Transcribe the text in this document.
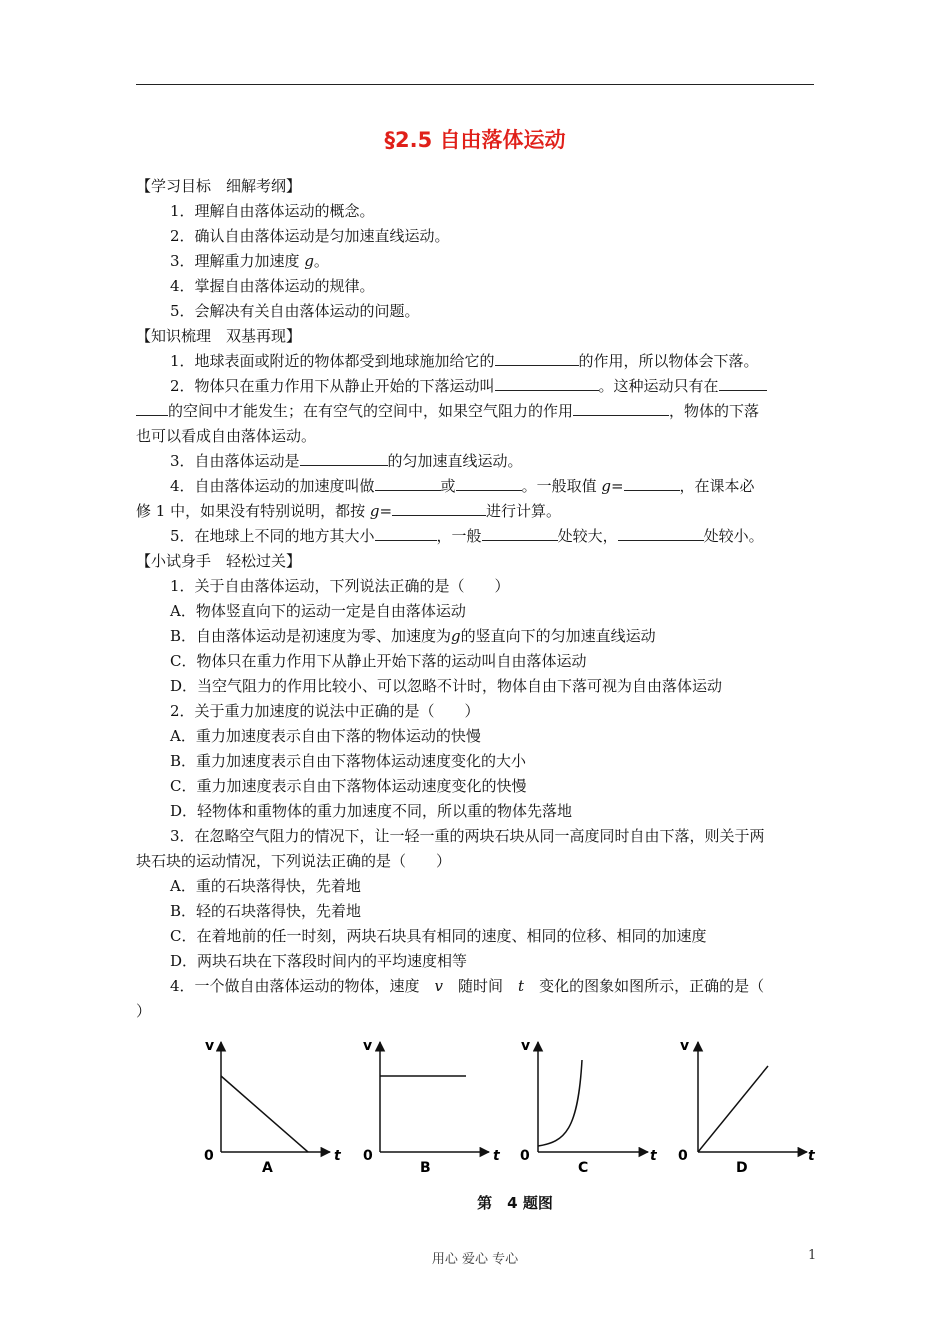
§2.5 自由落体运动
【学习目标　细解考纲】
1．理解自由落体运动的概念。
2．确认自由落体运动是匀加速直线运动。
3．理解重力加速度 g。
4．掌握自由落体运动的规律。
5．会解决有关自由落体运动的问题。
【知识梳理　双基再现】
1．地球表面或附近的物体都受到地球施加给它的	的作用，所以物体会下落。
2．物体只在重力作用下从静止开始的下落运动叫	。这种运动只有在
的空间中才能发生；在有空气的空间中，如果空气阻力的作用	，物体的下落
也可以看成自由落体运动。
3．自由落体运动是	的匀加速直线运动。
4．自由落体运动的加速度叫做	或	。一般取值 g=	，在课本必
修 1 中，如果没有特别说明，都按 g=	进行计算。
5．在地球上不同的地方其大小	，一般	处较大，	处较小。
【小试身手　轻松过关】
1．关于自由落体运动，下列说法正确的是（　　）
A．物体竖直向下的运动一定是自由落体运动
B．自由落体运动是初速度为零、加速度为g的竖直向下的匀加速直线运动
C．物体只在重力作用下从静止开始下落的运动叫自由落体运动
D．当空气阻力的作用比较小、可以忽略不计时，物体自由下落可视为自由落体运动
2．关于重力加速度的说法中正确的是（　　）
A．重力加速度表示自由下落的物体运动的快慢
B．重力加速度表示自由下落物体运动速度变化的大小
C．重力加速度表示自由下落物体运动速度变化的快慢
D．轻物体和重物体的重力加速度不同，所以重的物体先落地
3．在忽略空气阻力的情况下，让一轻一重的两块石块从同一高度同时自由下落，则关于两
块石块的运动情况，下列说法正确的是（　　）
A．重的石块落得快，先着地
B．轻的石块落得快，先着地
C．在着地前的任一时刻，两块石块具有相同的速度、相同的位移、相同的加速度
D．两块石块在下落段时间内的平均速度相等
4．一个做自由落体运动的物体，速度　v　随时间　t　变化的图象如图所示，正确的是（
）
v
0	t
A
v
0	t
B
v
0	t
C
v
0	t
D
第　4 题图
用心 爱心 专心	1
